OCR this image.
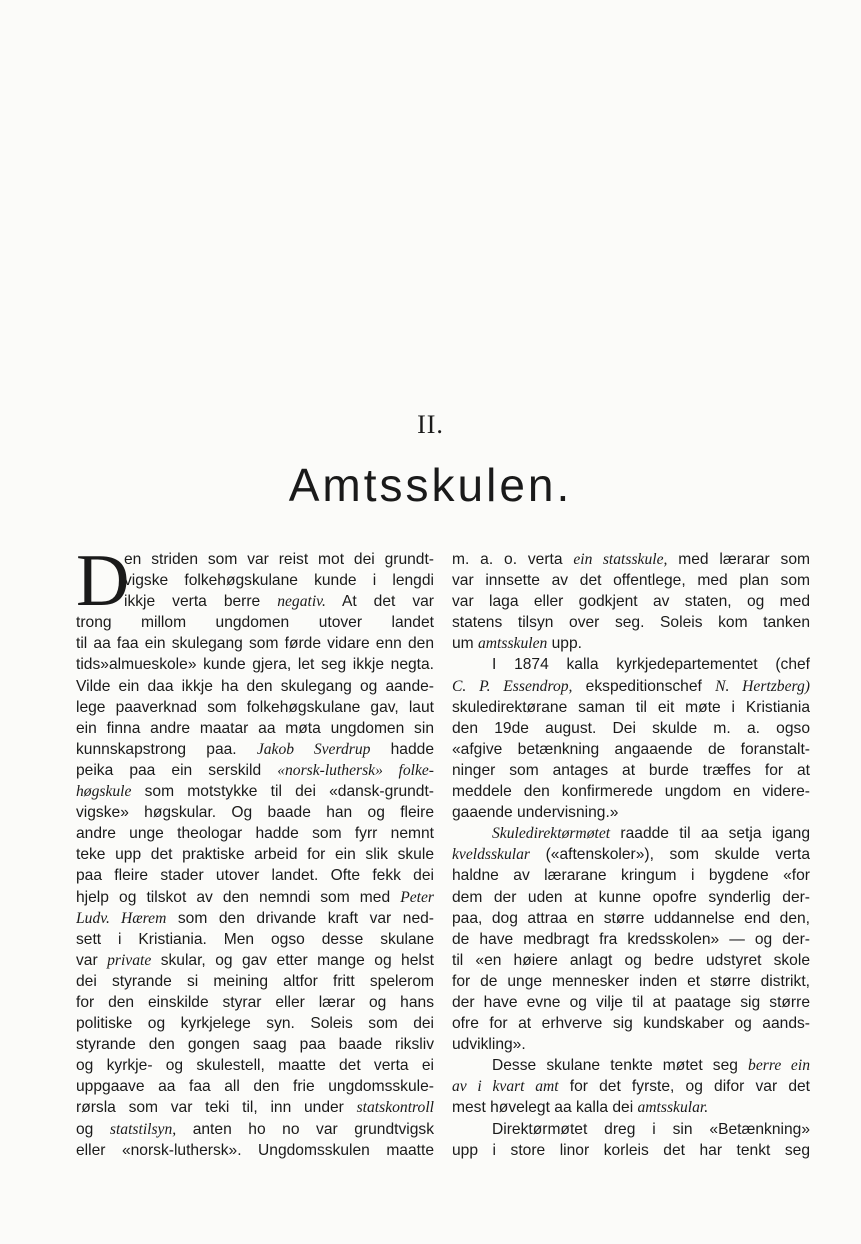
II.
Amtsskulen.
D
en striden som var reist mot dei grundt-
vigske folkehøgskulane kunde i lengdi
ikkje verta berre negativ. At det var
trong millom ungdomen utover landet
til aa faa ein skulegang som førde vidare enn den
tids»almueskole» kunde gjera, let seg ikkje negta.
Vilde ein daa ikkje ha den skulegang og aande-
lege paaverknad som folkehøgskulane gav, laut
ein finna andre maatar aa møta ungdomen sin
kunnskapstrong paa. Jakob Sverdrup hadde
peika paa ein serskild «norsk-luthersk» folke-
høgskule som motstykke til dei «dansk-grundt-
vigske» høgskular. Og baade han og fleire
andre unge theologar hadde som fyrr nemnt
teke upp det praktiske arbeid for ein slik skule
paa fleire stader utover landet. Ofte fekk dei
hjelp og tilskot av den nemndi som med Peter
Ludv. Hærem som den drivande kraft var ned-
sett i Kristiania. Men ogso desse skulane
var private skular, og gav etter mange og helst
dei styrande si meining altfor fritt spelerom
for den einskilde styrar eller lærar og hans
politiske og kyrkjelege syn. Soleis som dei
styrande den gongen saag paa baade riksliv
og kyrkje- og skulestell, maatte det verta ei
uppgaave aa faa all den frie ungdomsskule-
rørsla som var teki til, inn under statskontroll
og statstilsyn, anten ho no var grundtvigsk
eller «norsk-luthersk». Ungdomsskulen maatte
m. a. o. verta ein statsskule, med lærarar som
var innsette av det offentlege, med plan som
var laga eller godkjent av staten, og med
statens tilsyn over seg. Soleis kom tanken
um amtsskulen upp.
I 1874 kalla kyrkjedepartementet (chef
C. P. Essendrop, ekspeditionschef N. Hertzberg)
skuledirektørane saman til eit møte i Kristiania
den 19de august. Dei skulde m. a. ogso
«afgive betænkning angaaende de foranstalt-
ninger som antages at burde træffes for at
meddele den konfirmerede ungdom en videre-
gaaende undervisning.»
Skuledirektørmøtet raadde til aa setja igang
kveldsskular («aftenskoler»), som skulde verta
haldne av lærarane kringum i bygdene «for
dem der uden at kunne opofre synderlig der-
paa, dog attraa en større uddannelse end den,
de have medbragt fra kredsskolen» — og der-
til «en høiere anlagt og bedre udstyret skole
for de unge mennesker inden et større distrikt,
der have evne og vilje til at paatage sig større
ofre for at erhverve sig kundskaber og aands-
udvikling».
Desse skulane tenkte møtet seg berre ein
av i kvart amt for det fyrste, og difor var det
mest høvelegt aa kalla dei amtsskular.
Direktørmøtet dreg i sin «Betænkning»
upp i store linor korleis det har tenkt seg
